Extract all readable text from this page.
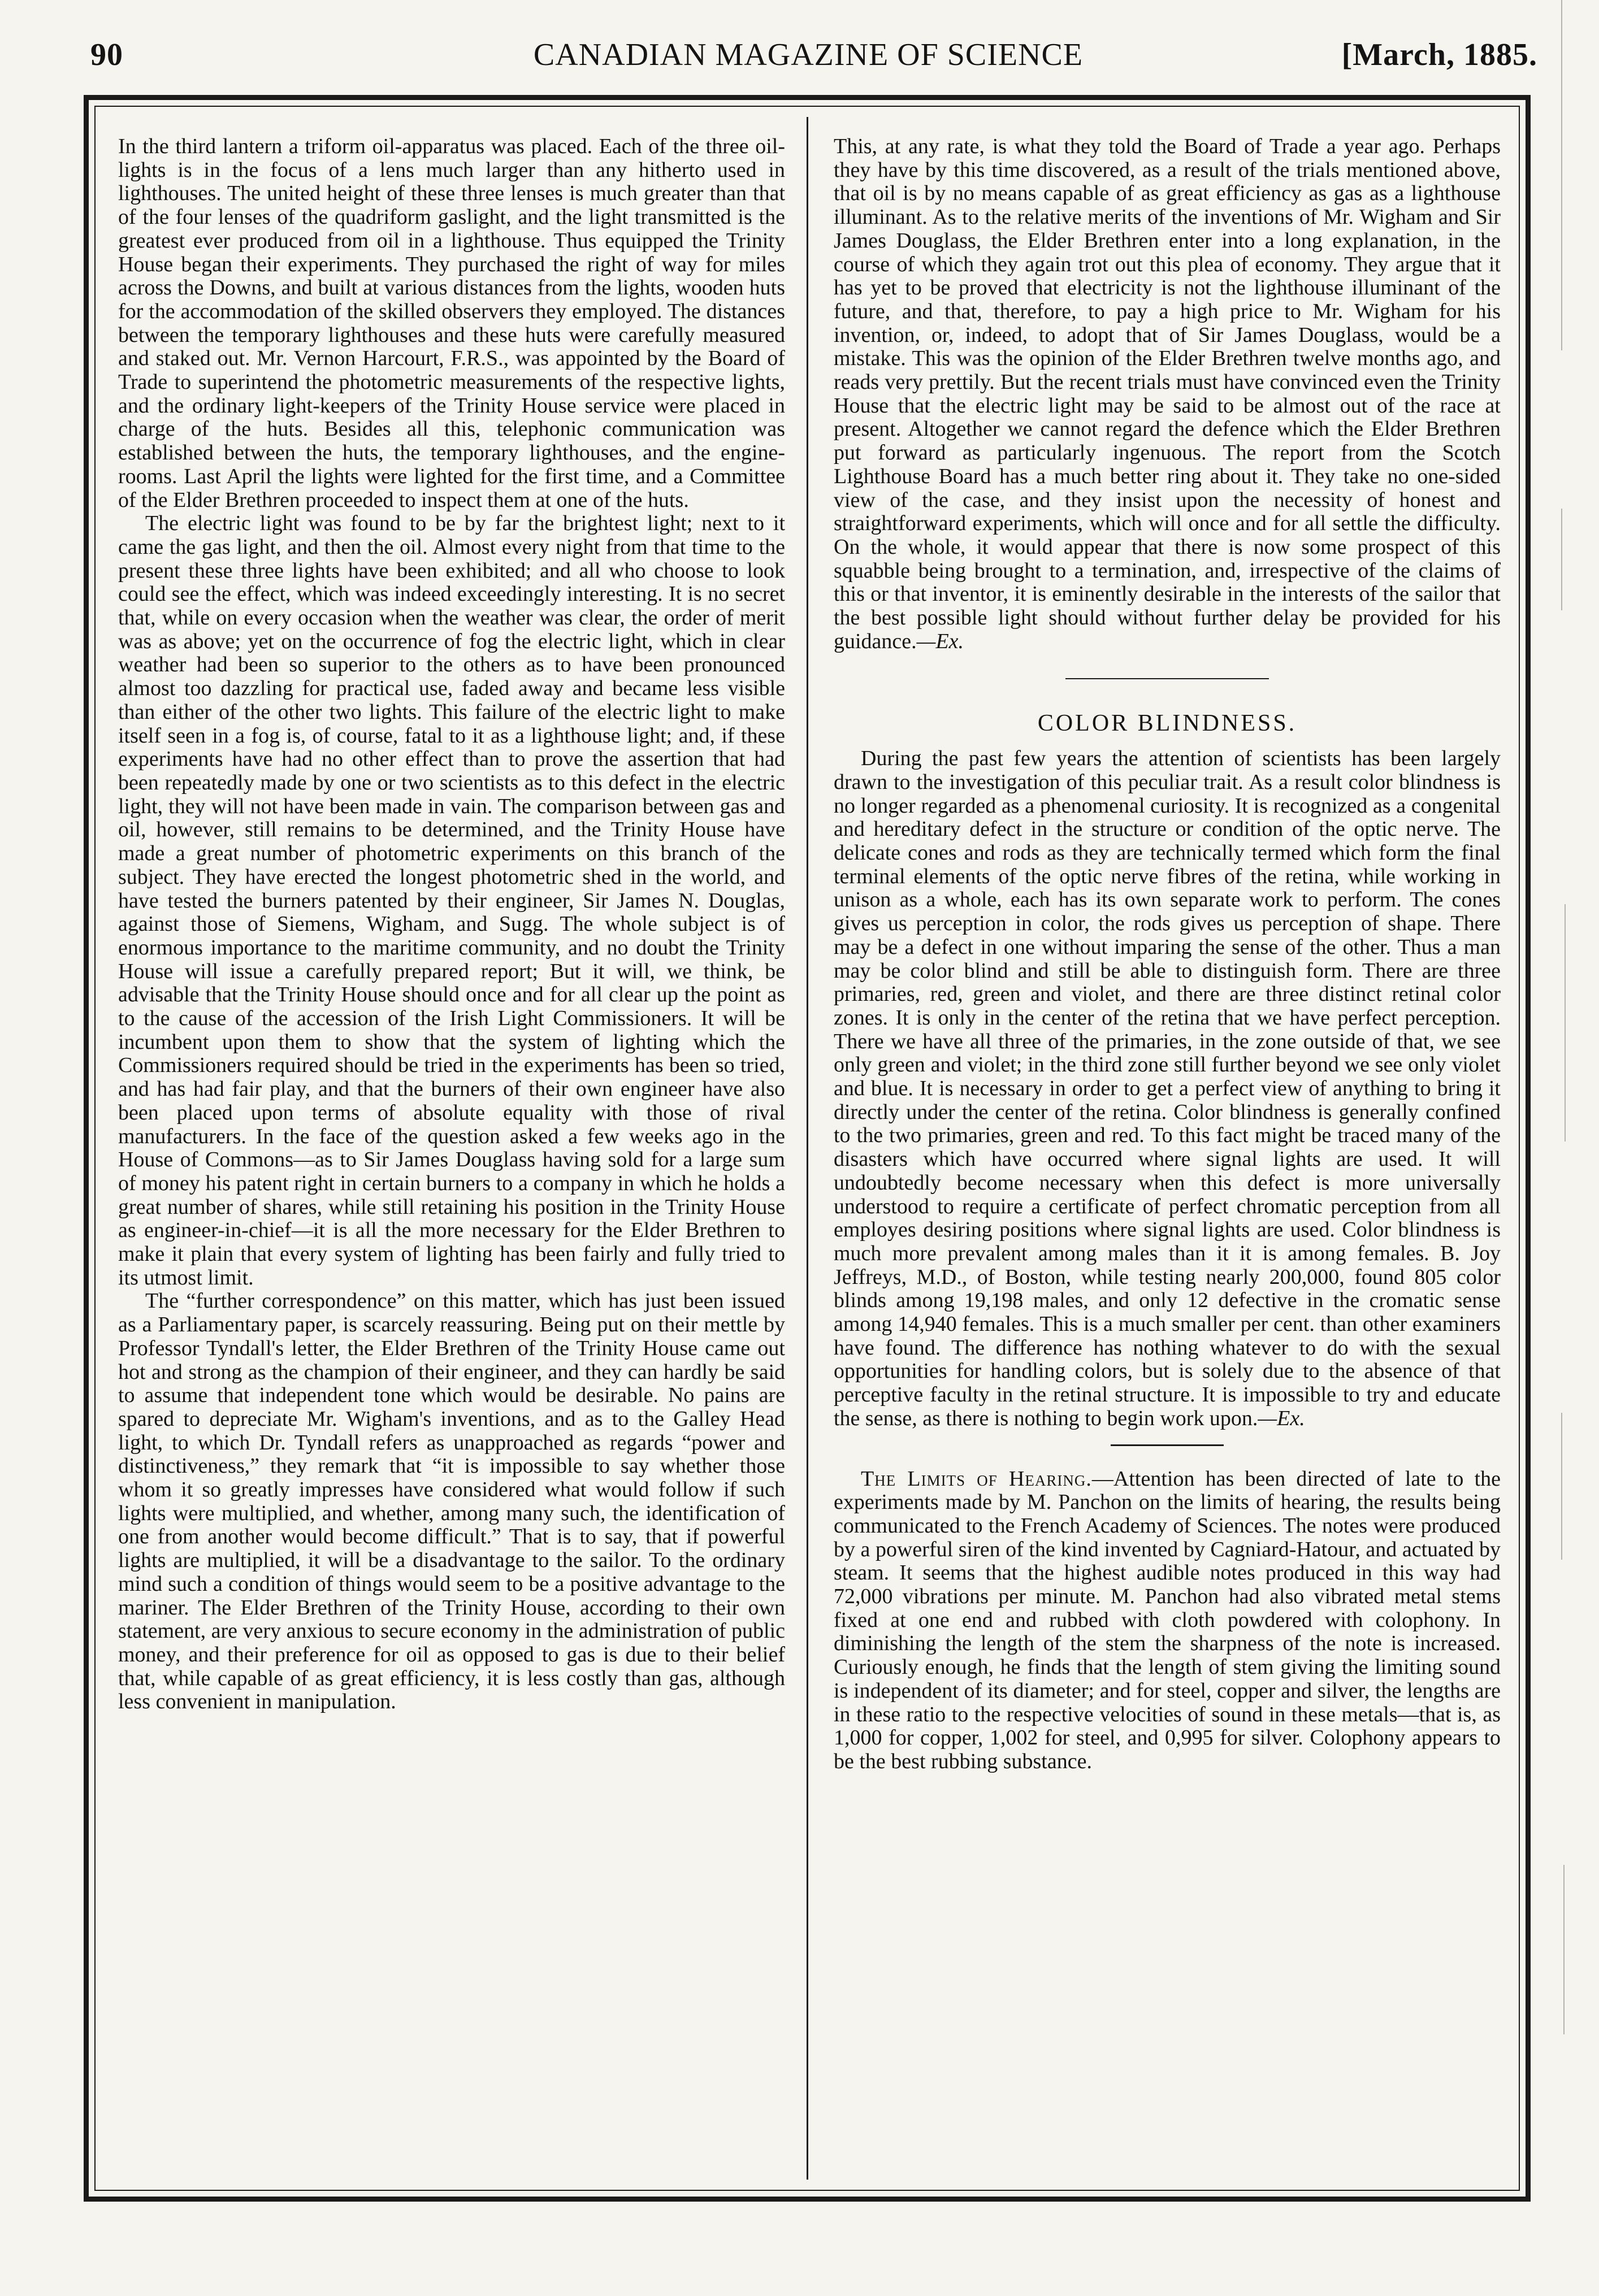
90	CANADIAN MAGAZINE OF SCIENCE	[March, 1885.

In the third lantern a triform oil-apparatus was placed. Each of the three oil-lights is in the focus of a lens much larger than any hitherto used in lighthouses. The united height of these three lenses is much greater than that of the four lenses of the quadriform gaslight, and the light transmitted is the greatest ever produced from oil in a lighthouse. Thus equipped the Trinity House began their experiments. They purchased the right of way for miles across the Downs, and built at various distances from the lights, wooden huts for the accommodation of the skilled observers they employed. The distances between the temporary lighthouses and these huts were carefully measured and staked out. Mr. Vernon Harcourt, F.R.S., was appointed by the Board of Trade to superintend the photometric measurements of the respective lights, and the ordinary light-keepers of the Trinity House service were placed in charge of the huts. Besides all this, telephonic communication was established between the huts, the temporary lighthouses, and the engine-rooms. Last April the lights were lighted for the first time, and a Committee of the Elder Brethren proceeded to inspect them at one of the huts.

The electric light was found to be by far the brightest light; next to it came the gas light, and then the oil. Almost every night from that time to the present these three lights have been exhibited; and all who choose to look could see the effect, which was indeed exceedingly interesting. It is no secret that, while on every occasion when the weather was clear, the order of merit was as above; yet on the occurrence of fog the electric light, which in clear weather had been so superior to the others as to have been pronounced almost too dazzling for practical use, faded away and became less visible than either of the other two lights. This failure of the electric light to make itself seen in a fog is, of course, fatal to it as a lighthouse light; and, if these experiments have had no other effect than to prove the assertion that had been repeatedly made by one or two scientists as to this defect in the electric light, they will not have been made in vain. The comparison between gas and oil, however, still remains to be determined, and the Trinity House have made a great number of photometric experiments on this branch of the subject. They have erected the longest photometric shed in the world, and have tested the burners patented by their engineer, Sir James N. Douglas, against those of Siemens, Wigham, and Sugg. The whole subject is of enormous importance to the maritime community, and no doubt the Trinity House will issue a carefully prepared report; But it will, we think, be advisable that the Trinity House should once and for all clear up the point as to the cause of the accession of the Irish Light Commissioners. It will be incumbent upon them to show that the system of lighting which the Commissioners required should be tried in the experiments has been so tried, and has had fair play, and that the burners of their own engineer have also been placed upon terms of absolute equality with those of rival manufacturers. In the face of the question asked a few weeks ago in the House of Commons—as to Sir James Douglass having sold for a large sum of money his patent right in certain burners to a company in which he holds a great number of shares, while still retaining his position in the Trinity House as engineer-in-chief—it is all the more necessary for the Elder Brethren to make it plain that every system of lighting has been fairly and fully tried to its utmost limit.

The “further correspondence” on this matter, which has just been issued as a Parliamentary paper, is scarcely reassuring. Being put on their mettle by Professor Tyndall's letter, the Elder Brethren of the Trinity House came out hot and strong as the champion of their engineer, and they can hardly be said to assume that independent tone which would be desirable. No pains are spared to depreciate Mr. Wigham's inventions, and as to the Galley Head light, to which Dr. Tyndall refers as unapproached as regards “power and distinctiveness,” they remark that “it is impossible to say whether those whom it so greatly impresses have considered what would follow if such lights were multiplied, and whether, among many such, the identification of one from another would become difficult.” That is to say, that if powerful lights are multiplied, it will be a disadvantage to the sailor. To the ordinary mind such a condition of things would seem to be a positive advantage to the mariner. The Elder Brethren of the Trinity House, according to their own statement, are very anxious to secure economy in the administration of public money, and their preference for oil as opposed to gas is due to their belief that, while capable of as great efficiency, it is less costly than gas, although less convenient in manipulation.

This, at any rate, is what they told the Board of Trade a year ago. Perhaps they have by this time discovered, as a result of the trials mentioned above, that oil is by no means capable of as great efficiency as gas as a lighthouse illuminant. As to the relative merits of the inventions of Mr. Wigham and Sir James Douglass, the Elder Brethren enter into a long explanation, in the course of which they again trot out this plea of economy. They argue that it has yet to be proved that electricity is not the lighthouse illuminant of the future, and that, therefore, to pay a high price to Mr. Wigham for his invention, or, indeed, to adopt that of Sir James Douglass, would be a mistake. This was the opinion of the Elder Brethren twelve months ago, and reads very prettily. But the recent trials must have convinced even the Trinity House that the electric light may be said to be almost out of the race at present. Altogether we cannot regard the defence which the Elder Brethren put forward as particularly ingenuous. The report from the Scotch Lighthouse Board has a much better ring about it. They take no one-sided view of the case, and they insist upon the necessity of honest and straightforward experiments, which will once and for all settle the difficulty. On the whole, it would appear that there is now some prospect of this squabble being brought to a termination, and, irrespective of the claims of this or that inventor, it is eminently desirable in the interests of the sailor that the best possible light should without further delay be provided for his guidance.—Ex.

COLOR BLINDNESS.

During the past few years the attention of scientists has been largely drawn to the investigation of this peculiar trait. As a result color blindness is no longer regarded as a phenomenal curiosity. It is recognized as a congenital and hereditary defect in the structure or condition of the optic nerve. The delicate cones and rods as they are technically termed which form the final terminal elements of the optic nerve fibres of the retina, while working in unison as a whole, each has its own separate work to perform. The cones gives us perception in color, the rods gives us perception of shape. There may be a defect in one without imparing the sense of the other. Thus a man may be color blind and still be able to distinguish form. There are three primaries, red, green and violet, and there are three distinct retinal color zones. It is only in the center of the retina that we have perfect perception. There we have all three of the primaries, in the zone outside of that, we see only green and violet; in the third zone still further beyond we see only violet and blue. It is necessary in order to get a perfect view of anything to bring it directly under the center of the retina. Color blindness is generally confined to the two primaries, green and red. To this fact might be traced many of the disasters which have occurred where signal lights are used. It will undoubtedly become necessary when this defect is more universally understood to require a certificate of perfect chromatic perception from all employes desiring positions where signal lights are used. Color blindness is much more prevalent among males than it it is among females. B. Joy Jeffreys, M.D., of Boston, while testing nearly 200,000, found 805 color blinds among 19,198 males, and only 12 defective in the cromatic sense among 14,940 females. This is a much smaller per cent. than other examiners have found. The difference has nothing whatever to do with the sexual opportunities for handling colors, but is solely due to the absence of that perceptive faculty in the retinal structure. It is impossible to try and educate the sense, as there is nothing to begin work upon.—Ex.

The Limits of Hearing.—Attention has been directed of late to the experiments made by M. Panchon on the limits of hearing, the results being communicated to the French Academy of Sciences. The notes were produced by a powerful siren of the kind invented by Cagniard-Hatour, and actuated by steam. It seems that the highest audible notes produced in this way had 72,000 vibrations per minute. M. Panchon had also vibrated metal stems fixed at one end and rubbed with cloth powdered with colophony. In diminishing the length of the stem the sharpness of the note is increased. Curiously enough, he finds that the length of stem giving the limiting sound is independent of its diameter; and for steel, copper and silver, the lengths are in these ratio to the respective velocities of sound in these metals—that is, as 1,000 for copper, 1,002 for steel, and 0,995 for silver. Colophony appears to be the best rubbing substance.
